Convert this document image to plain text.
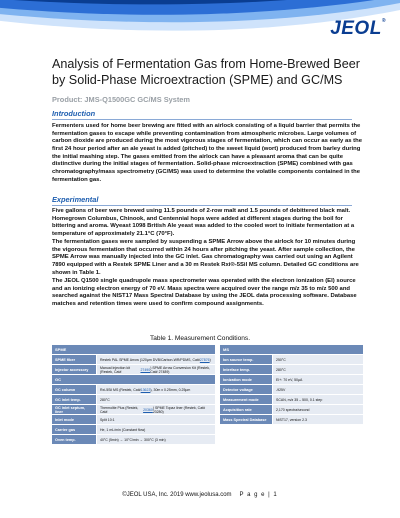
JEOL®
Analysis of Fermentation Gas from Home-Brewed Beer by Solid-Phase Microextraction (SPME) and GC/MS
Product: JMS-Q1500GC GC/MS System
Introduction
Fermenters used for home beer brewing are fitted with an airlock consisting of a liquid barrier that permits the fermentation gases to escape while preventing contamination from atmospheric microbes. Large volumes of carbon dioxide are produced during the most vigorous stages of fermentation, which can occur as early as the first 24 hour period after an ale yeast is added (pitched) to the sweet liquid (wort) produced from barley during the initial mashing step. The gases emitted from the airlock can have a pleasant aroma that can be quite distinctive during the initial stages of fermentation. Solid-phase microextraction (SPME) combined with gas chromatography/mass spectrometry (GC/MS) was used to determine the volatile components contained in the fermentation gas.
Experimental
Five gallons of beer were brewed using 11.5 pounds of 2-row malt and 1.5 pounds of debittered black malt. Homegrown Columbus, Chinook, and Centennial hops were added at different stages during the boil for bittering and aroma. Wyeast 1098 British Ale yeast was added to the cooled wort to initiate fermentation at a temperature of approximately 21.1°C (70°F).
The fermentation gases were sampled by suspending a SPME Arrow above the airlock for 10 minutes during the vigorous fermentation that occurred within 24 hours after pitching the yeast. After sample collection, the SPME Arrow was manually injected into the GC inlet. Gas chromatography was carried out using an Agilent 7890 equipped with a Restek SPME Liner and a 30 m Restek Rxi®-5Sil MS column. Detailed GC conditions are shown in Table 1.
The JEOL Q1500 single quadrupole mass spectrometer was operated with the electron ionization (EI) source and an ionizing electron energy of 70 eV. Mass spectra were acquired over the range m/z 35 to m/z 500 and searched against the NIST17 Mass Spectral Database by using the JEOL data processing software. Database matches and retention times were used to confirm compound assignments.
Table 1. Measurement Conditions.
SPME
SPME fiber	Restek PAL SPME Arrow (120µm DVB/Carbon-WR/PDMS, Cat# 27876 )
Injector accessory	Manual Injection kit (Restek, Cat#	27490 ) SPME Arrow Conversion Kit (Restek, Cat# 27489)
GC
GC column	Rxi-5Sil MS (Restek, Cat# 13623 ), 30m x 0.25mm, 0.25µm
GC inlet temp.	280°C
GC inlet septum, liner
Thermolite Plus (Restek, Cat#	20360 ) SPME Topaz liner (Restek, Cat# 23280)
Inlet mode	Split 10:1
Carrier gas	He, 1 mL/min (Constant flow)
Oven temp.	40°C (5min) → 10°C/min → 300°C (3 min)
MS
Ion source temp.	250°C
Interface temp.	280°C
Ionization mode	EI+: 70 eV, 50µA
Detector voltage	-925V
Measurement mode	SCAN, m/z 35 – 500, 0.1 step
Acquisition rate	2,170 spectra/second
Mass Spectral Database	NIST17, version 2.3
©JEOL USA, Inc. 2019 www.jeolusa.com P a g e | 1
